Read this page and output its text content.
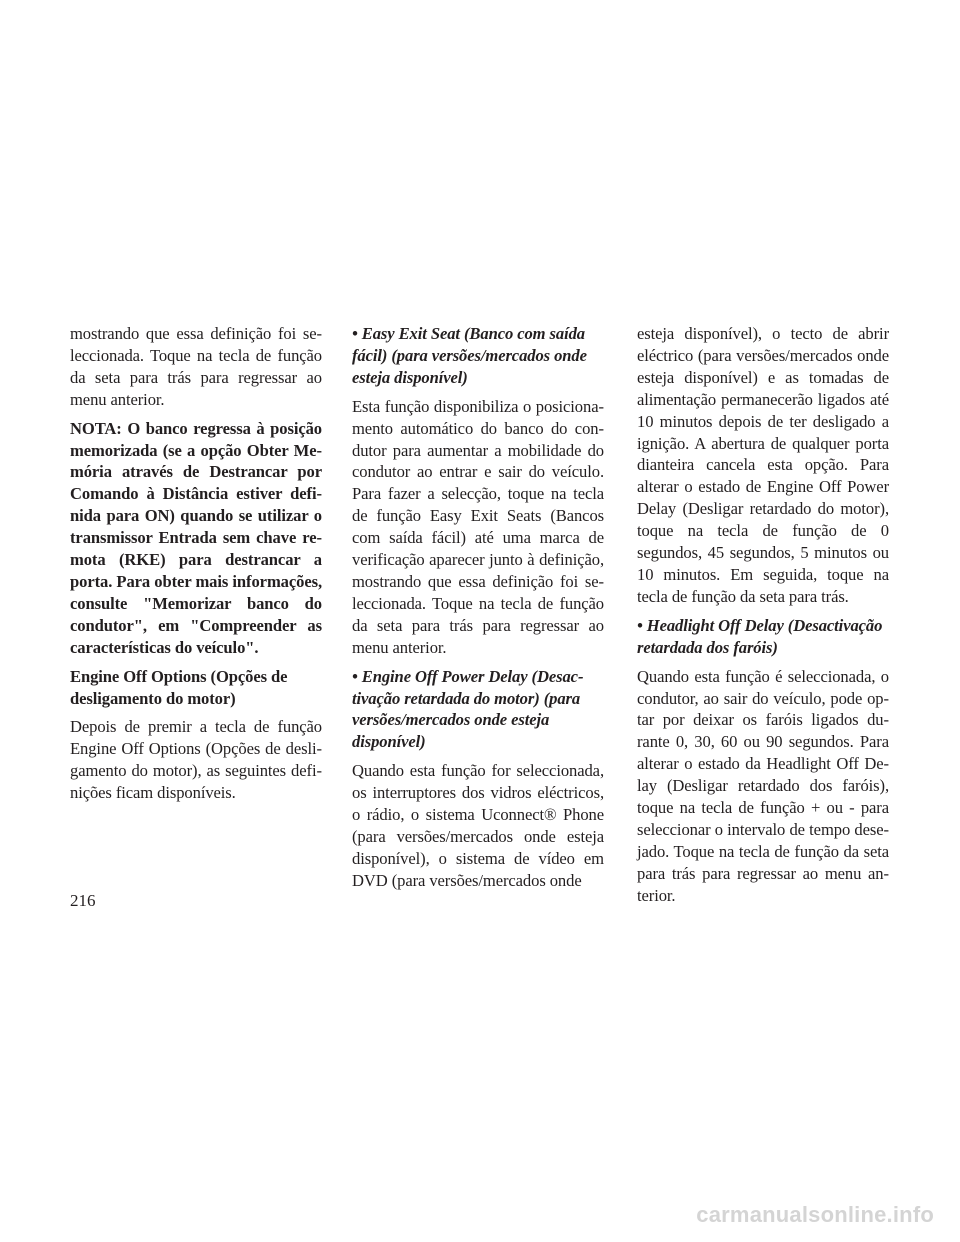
mostrando que essa definição foi seleccionada. Toque na tecla de função da seta para trás para regressar ao menu anterior.

NOTA: O banco regressa à posição memorizada (se a opção Obter Memória através de Destrancar por Comando à Distância estiver definida para ON) quando se utilizar o transmissor Entrada sem chave remota (RKE) para destrancar a porta. Para obter mais informações, consulte "Memorizar banco do condutor", em "Compreender as características do veículo".

Engine Off Options (Opções de desligamento do motor)

Depois de premir a tecla de função Engine Off Options (Opções de desligamento do motor), as seguintes definições ficam disponíveis.

• Easy Exit Seat (Banco com saída fácil) (para versões/mercados onde esteja disponível)

Esta função disponibiliza o posicionamento automático do banco do condutor para aumentar a mobilidade do condutor ao entrar e sair do veículo. Para fazer a selecção, toque na tecla de função Easy Exit Seats (Bancos com saída fácil) até uma marca de verificação aparecer junto à definição, mostrando que essa definição foi seleccionada. Toque na tecla de função da seta para trás para regressar ao menu anterior.

• Engine Off Power Delay (Desactivação retardada do motor) (para versões/mercados onde esteja disponível)

Quando esta função for seleccionada, os interruptores dos vidros eléctricos, o rádio, o sistema Uconnect® Phone (para versões/mercados onde esteja disponível), o sistema de vídeo em DVD (para versões/mercados onde

esteja disponível), o tecto de abrir eléctrico (para versões/mercados onde esteja disponível) e as tomadas de alimentação permanecerão ligados até 10 minutos depois de ter desligado a ignição. A abertura de qualquer porta dianteira cancela esta opção. Para alterar o estado de Engine Off Power Delay (Desligar retardado do motor), toque na tecla de função de 0 segundos, 45 segundos, 5 minutos ou 10 minutos. Em seguida, toque na tecla de função da seta para trás.

• Headlight Off Delay (Desactivação retardada dos faróis)

Quando esta função é seleccionada, o condutor, ao sair do veículo, pode optar por deixar os faróis ligados durante 0, 30, 60 ou 90 segundos. Para alterar o estado da Headlight Off Delay (Desligar retardado dos faróis), toque na tecla de função + ou - para seleccionar o intervalo de tempo desejado. Toque na tecla de função da seta para trás para regressar ao menu anterior.

216
carmanualsonline.info
